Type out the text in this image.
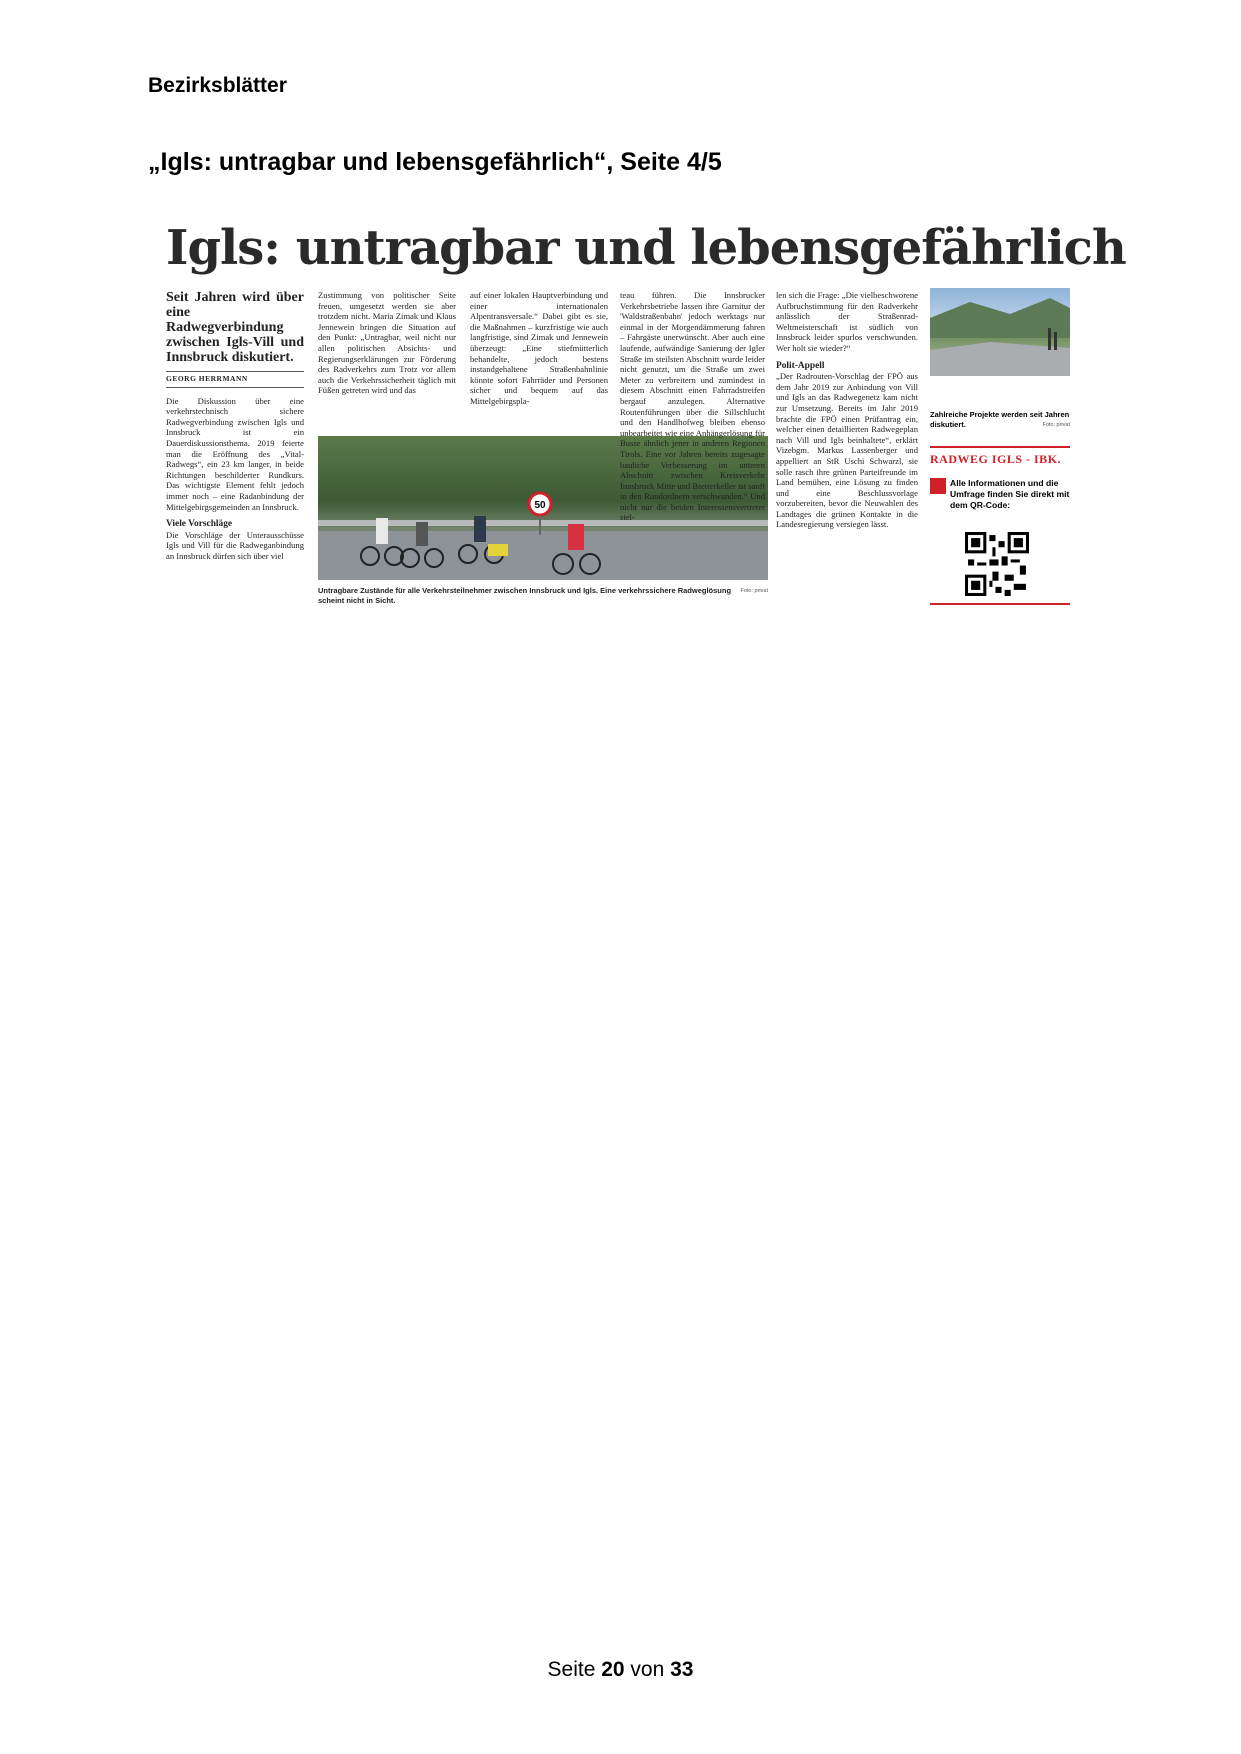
Bezirksblätter
„Igls: untragbar und lebensgefährlich“, Seite 4/5
Igls: untragbar und lebensgefährlich

Seit Jahren wird über eine Radwegverbindung zwischen Igls-Vill und Innsbruck diskutiert.

GEORG HERRMANN

Die Diskussion über eine verkehrstechnisch sichere Radwegverbindung zwischen Igls und Innsbruck ist ein Dauerdiskussionsthema. 2019 feierte man die Eröffnung des „Vital-Radwegs“, ein 23 km langer, in beide Richtungen beschilderter Rundkurs. Das wichtigste Element fehlt jedoch immer noch – eine Radanbindung der Mittelgebirgsgemeinden an Innsbruck.

Viele Vorschläge

Die Vorschläge der Unterausschüsse Igls und Vill für die Radweganbindung an Innsbruck dürfen sich über viel

Zustimmung von politischer Seite freuen, umgesetzt werden sie aber trotzdem nicht. Maria Zimak und Klaus Jennewein bringen die Situation auf den Punkt: „Untragbar, weil nicht nur allen politischen Absichts- und Regierungserklärungen zur Förderung des Radverkehrs zum Trotz vor allem auch die Verkehrssicherheit täglich mit Füßen getreten wird und das

auf einer lokalen Hauptverbindung und einer internationalen Alpentransversale.“ Dabei gibt es sie, die Maßnahmen – kurzfristige wie auch langfristige, sind Zimak und Jennewein überzeugt: „Eine stiefmütterlich behandelte, jedoch bestens instandgehaltene Straßenbahnlinie könnte sofort Fahrräder und Personen sicher und bequem auf das Mittelgebirgspla-

50
Foto: privat
Untragbare Zustände für alle Verkehrsteilnehmer zwischen Innsbruck und Igls. Eine verkehrssichere Radweglösung scheint nicht in Sicht.

teau führen. Die Innsbrucker Verkehrsbetriebe lassen ihre Garnitur der 'Waldstraßenbahn' jedoch werktags nur einmal in der Morgendämmerung fahren – Fahrgäste unerwünscht. Aber auch eine laufende, aufwändige Sanierung der Igler Straße im steilsten Abschnitt wurde leider nicht genutzt, um die Straße um zwei Meter zu verbreitern und zumindest in diesem Abschnitt einen Fahrradstreifen bergauf anzulegen. Alternative Routenführungen über die Sillschlucht und den Handlhofweg bleiben ebenso unbearbeitet wie eine Anhängerlösung für Busse ähnlich jener in anderen Regionen Tirols. Eine vor Jahren bereits zugesagte bauliche Verbesserung im unteren Abschnitt zwischen Kreisverkehr Innsbruck Mitte und Bretterkeller ist sanft in den Rundordnern verschwunden.“ Und nicht nur die beiden Interessensvertreter stel-

len sich die Frage: „Die vielbeschworene Aufbruchstimmung für den Radverkehr anlässlich der Straßenrad-Weltmeisterschaft ist südlich von Innsbruck leider spurlos verschwunden. Wer holt sie wieder?“

Polit-Appell

„Der Radrouten-Vorschlag der FPÖ aus dem Jahr 2019 zur Anbindung von Vill und Igls an das Radwegenetz kam nicht zur Umsetzung. Bereits im Jahr 2019 brachte die FPÖ einen Prüfantrag ein, welcher einen detaillierten Radwegeplan nach Vill und Igls beinhaltete“, erklärt Vizebgm. Markus Lassenberger und appelliert an StR Uschi Schwarzl, sie solle rasch ihre grünen Parteifreunde im Land bemühen, eine Lösung zu finden und eine Beschlussvorlage vorzubereiten, bevor die Neuwahlen des Landtages die grünen Kontakte in die Landesregierung versiegen lässt.

Zahlreiche Projekte werden seit Jahren diskutiert.	Foto: privat
RADWEG IGLS - IBK.
Alle Informationen und die Umfrage finden Sie direkt mit dem QR-Code:
Seite 20 von 33
